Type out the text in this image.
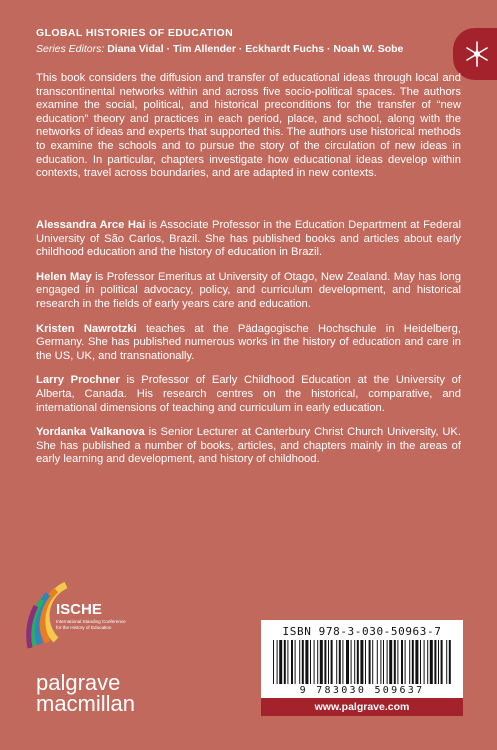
GLOBAL HISTORIES OF EDUCATION
Series Editors: Diana Vidal · Tim Allender · Eckhardt Fuchs · Noah W. Sobe

This book considers the diffusion and transfer of educational ideas through local and transcontinental networks within and across five socio-political spaces. The authors examine the social, political, and historical preconditions for the transfer of “new education” theory and practices in each period, place, and school, along with the networks of ideas and experts that supported this. The authors use historical methods to examine the schools and to pursue the story of the circulation of new ideas in education. In particular, chapters investigate how educational ideas develop within contexts, travel across boundaries, and are adapted in new contexts.

Alessandra Arce Hai is Associate Professor in the Education Department at Federal University of São Carlos, Brazil. She has published books and articles about early childhood education and the history of education in Brazil.

Helen May is Professor Emeritus at University of Otago, New Zealand. May has long engaged in political advocacy, policy, and curriculum development, and historical research in the fields of early years care and education.

Kristen Nawrotzki teaches at the Pädagogische Hochschule in Heidelberg, Germany. She has published numerous works in the history of education and care in the US, UK, and transnationally.

Larry Prochner is Professor of Early Childhood Education at the University of Alberta, Canada. His research centres on the historical, comparative, and international dimensions of teaching and curriculum in early education.

Yordanka Valkanova is Senior Lecturer at Canterbury Christ Church University, UK. She has published a number of books, articles, and chapters mainly in the areas of early learning and development, and history of childhood.

ISCHE
International Standing Conference
for the History of Education
palgrave
macmillan
ISBN 978-3-030-50963-7
9 783030 509637
www.palgrave.com
